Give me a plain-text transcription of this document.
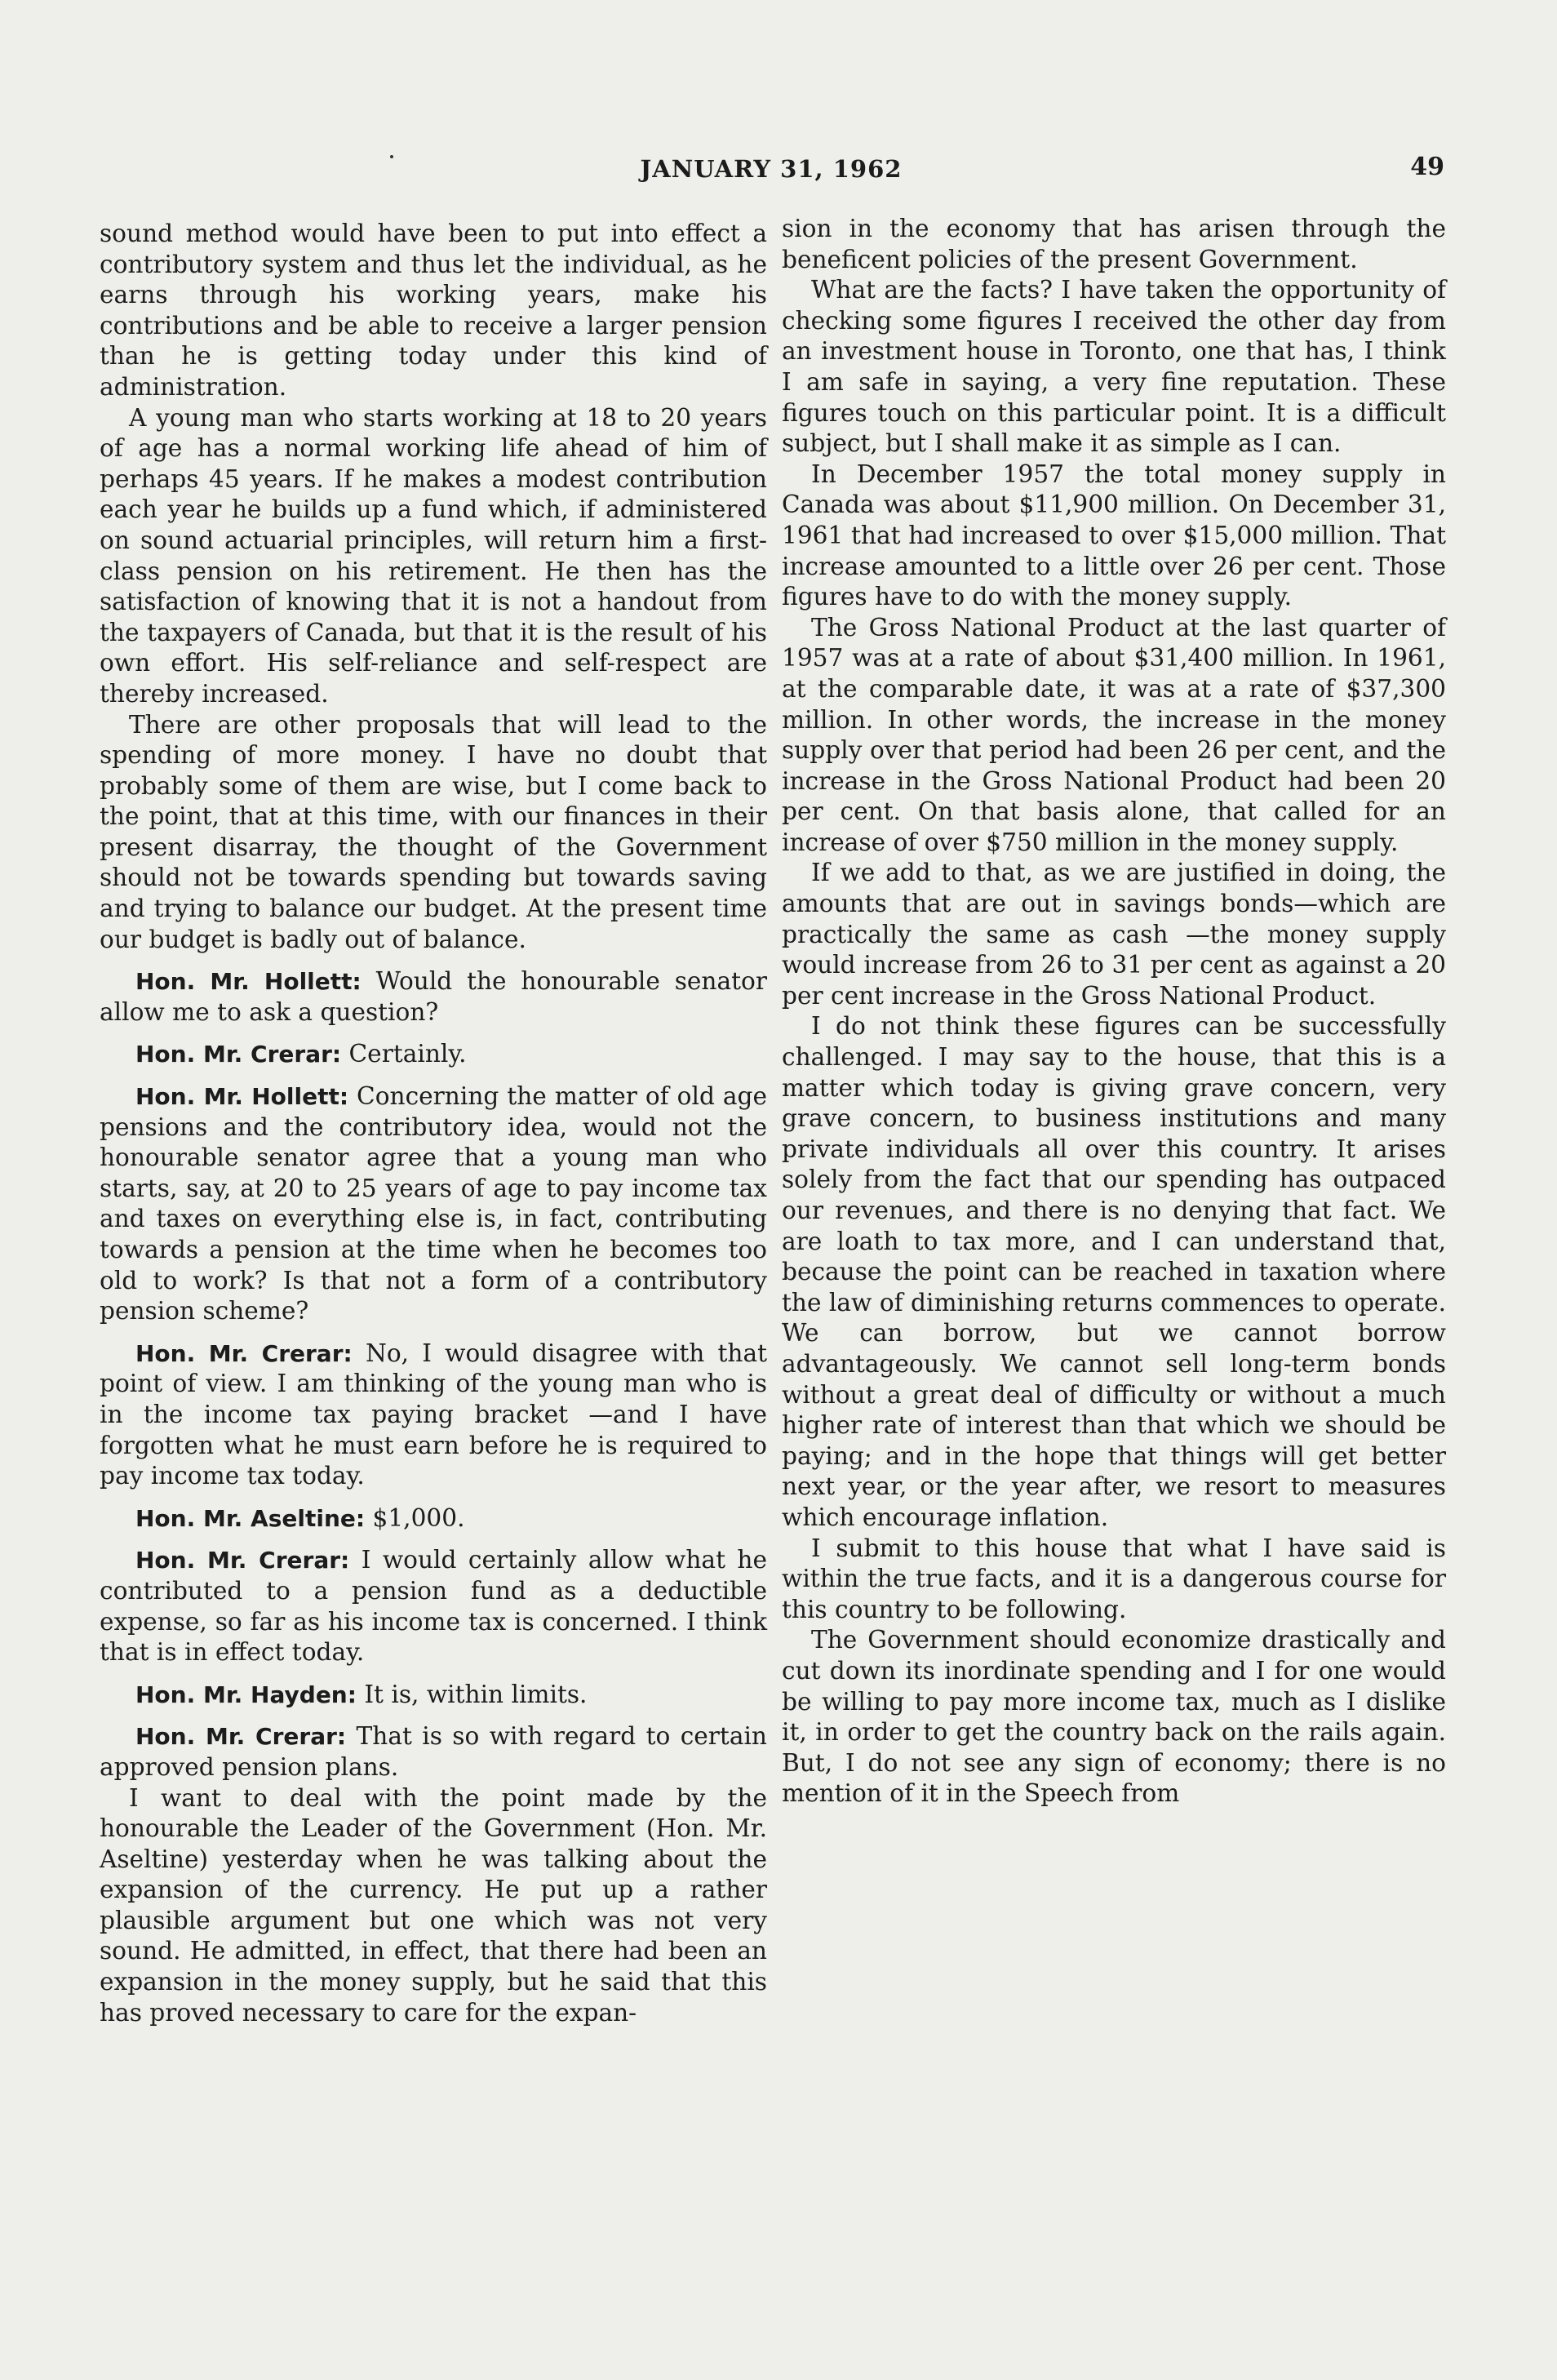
JANUARY 31, 1962	49

sound method would have been to put into effect a contributory system and thus let the individual, as he earns through his working years, make his contributions and be able to receive a larger pension than he is getting today under this kind of administration.

A young man who starts working at 18 to 20 years of age has a normal working life ahead of him of perhaps 45 years. If he makes a modest contribution each year he builds up a fund which, if administered on sound actuarial principles, will return him a first-class pension on his retirement. He then has the satisfaction of knowing that it is not a handout from the taxpayers of Canada, but that it is the result of his own effort. His self-reliance and self-respect are thereby increased.

There are other proposals that will lead to the spending of more money. I have no doubt that probably some of them are wise, but I come back to the point, that at this time, with our finances in their present disarray, the thought of the Government should not be towards spending but towards saving and trying to balance our budget. At the present time our budget is badly out of balance.

Hon. Mr. Hollett: Would the honourable senator allow me to ask a question?

Hon. Mr. Crerar: Certainly.

Hon. Mr. Hollett: Concerning the matter of old age pensions and the contributory idea, would not the honourable senator agree that a young man who starts, say, at 20 to 25 years of age to pay income tax and taxes on everything else is, in fact, contributing towards a pension at the time when he becomes too old to work? Is that not a form of a contributory pension scheme?

Hon. Mr. Crerar: No, I would disagree with that point of view. I am thinking of the young man who is in the income tax paying bracket —and I have forgotten what he must earn before he is required to pay income tax today.

Hon. Mr. Aseltine: $1,000.

Hon. Mr. Crerar: I would certainly allow what he contributed to a pension fund as a deductible expense, so far as his income tax is concerned. I think that is in effect today.

Hon. Mr. Hayden: It is, within limits.

Hon. Mr. Crerar: That is so with regard to certain approved pension plans.

I want to deal with the point made by the honourable the Leader of the Government (Hon. Mr. Aseltine) yesterday when he was talking about the expansion of the currency. He put up a rather plausible argument but one which was not very sound. He admitted, in effect, that there had been an expansion in the money supply, but he said that this has proved necessary to care for the expan-

sion in the economy that has arisen through the beneficent policies of the present Government.

What are the facts? I have taken the opportunity of checking some figures I received the other day from an investment house in Toronto, one that has, I think I am safe in saying, a very fine reputation. These figures touch on this particular point. It is a difficult subject, but I shall make it as simple as I can.

In December 1957 the total money supply in Canada was about $11,900 million. On December 31, 1961 that had increased to over $15,000 million. That increase amounted to a little over 26 per cent. Those figures have to do with the money supply.

The Gross National Product at the last quarter of 1957 was at a rate of about $31,400 million. In 1961, at the comparable date, it was at a rate of $37,300 million. In other words, the increase in the money supply over that period had been 26 per cent, and the increase in the Gross National Product had been 20 per cent. On that basis alone, that called for an increase of over $750 million in the money supply.

If we add to that, as we are justified in doing, the amounts that are out in savings bonds—which are practically the same as cash —the money supply would increase from 26 to 31 per cent as against a 20 per cent increase in the Gross National Product.

I do not think these figures can be successfully challenged. I may say to the house, that this is a matter which today is giving grave concern, very grave concern, to business institutions and many private individuals all over this country. It arises solely from the fact that our spending has outpaced our revenues, and there is no denying that fact. We are loath to tax more, and I can understand that, because the point can be reached in taxation where the law of diminishing returns commences to operate. We can borrow, but we cannot borrow advantageously. We cannot sell long-term bonds without a great deal of difficulty or without a much higher rate of interest than that which we should be paying; and in the hope that things will get better next year, or the year after, we resort to measures which encourage inflation.

I submit to this house that what I have said is within the true facts, and it is a dangerous course for this country to be following.

The Government should economize drastically and cut down its inordinate spending and I for one would be willing to pay more income tax, much as I dislike it, in order to get the country back on the rails again. But, I do not see any sign of economy; there is no mention of it in the Speech from
